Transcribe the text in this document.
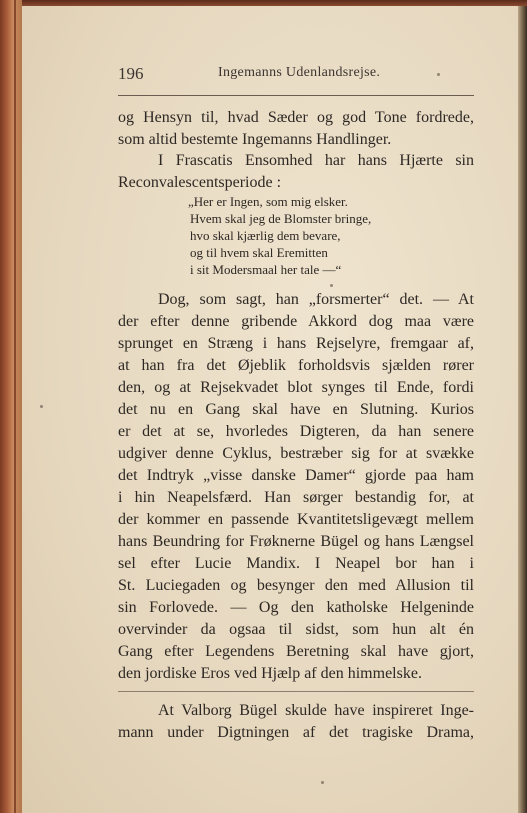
196	Ingemanns Udenlandsrejse.
og Hensyn til, hvad Sæder og god Tone fordrede,
som altid bestemte Ingemanns Handlinger.
I Frascatis Ensomhed har hans Hjærte sin
Reconvalescentsperiode :
„Her er Ingen, som mig elsker.
Hvem skal jeg de Blomster bringe,
hvo skal kjærlig dem bevare,
og til hvem skal Eremitten
i sit Modersmaal her tale —“
Dog, som sagt, han „forsmerter“ det. — At
der efter denne gribende Akkord dog maa være
sprunget en Stræng i hans Rejselyre, fremgaar af,
at han fra det Øjeblik forholdsvis sjælden rører
den, og at Rejsekvadet blot synges til Ende, fordi
det nu en Gang skal have en Slutning. Kurios
er det at se, hvorledes Digteren, da han senere
udgiver denne Cyklus, bestræber sig for at svække
det Indtryk „visse danske Damer“ gjorde paa ham
i hin Neapelsfærd. Han sørger bestandig for, at
der kommer en passende Kvantitetsligevægt mellem
hans Beundring for Frøknerne Bügel og hans Længsel
sel efter Lucie Mandix. I Neapel bor han i
St. Luciegaden og besynger den med Allusion til
sin Forlovede. — Og den katholske Helgeninde
overvinder da ogsaa til sidst, som hun alt én
Gang efter Legendens Beretning skal have gjort,
den jordiske Eros ved Hjælp af den himmelske.
At Valborg Bügel skulde have inspireret Inge-
mann under Digtningen af det tragiske Drama,
